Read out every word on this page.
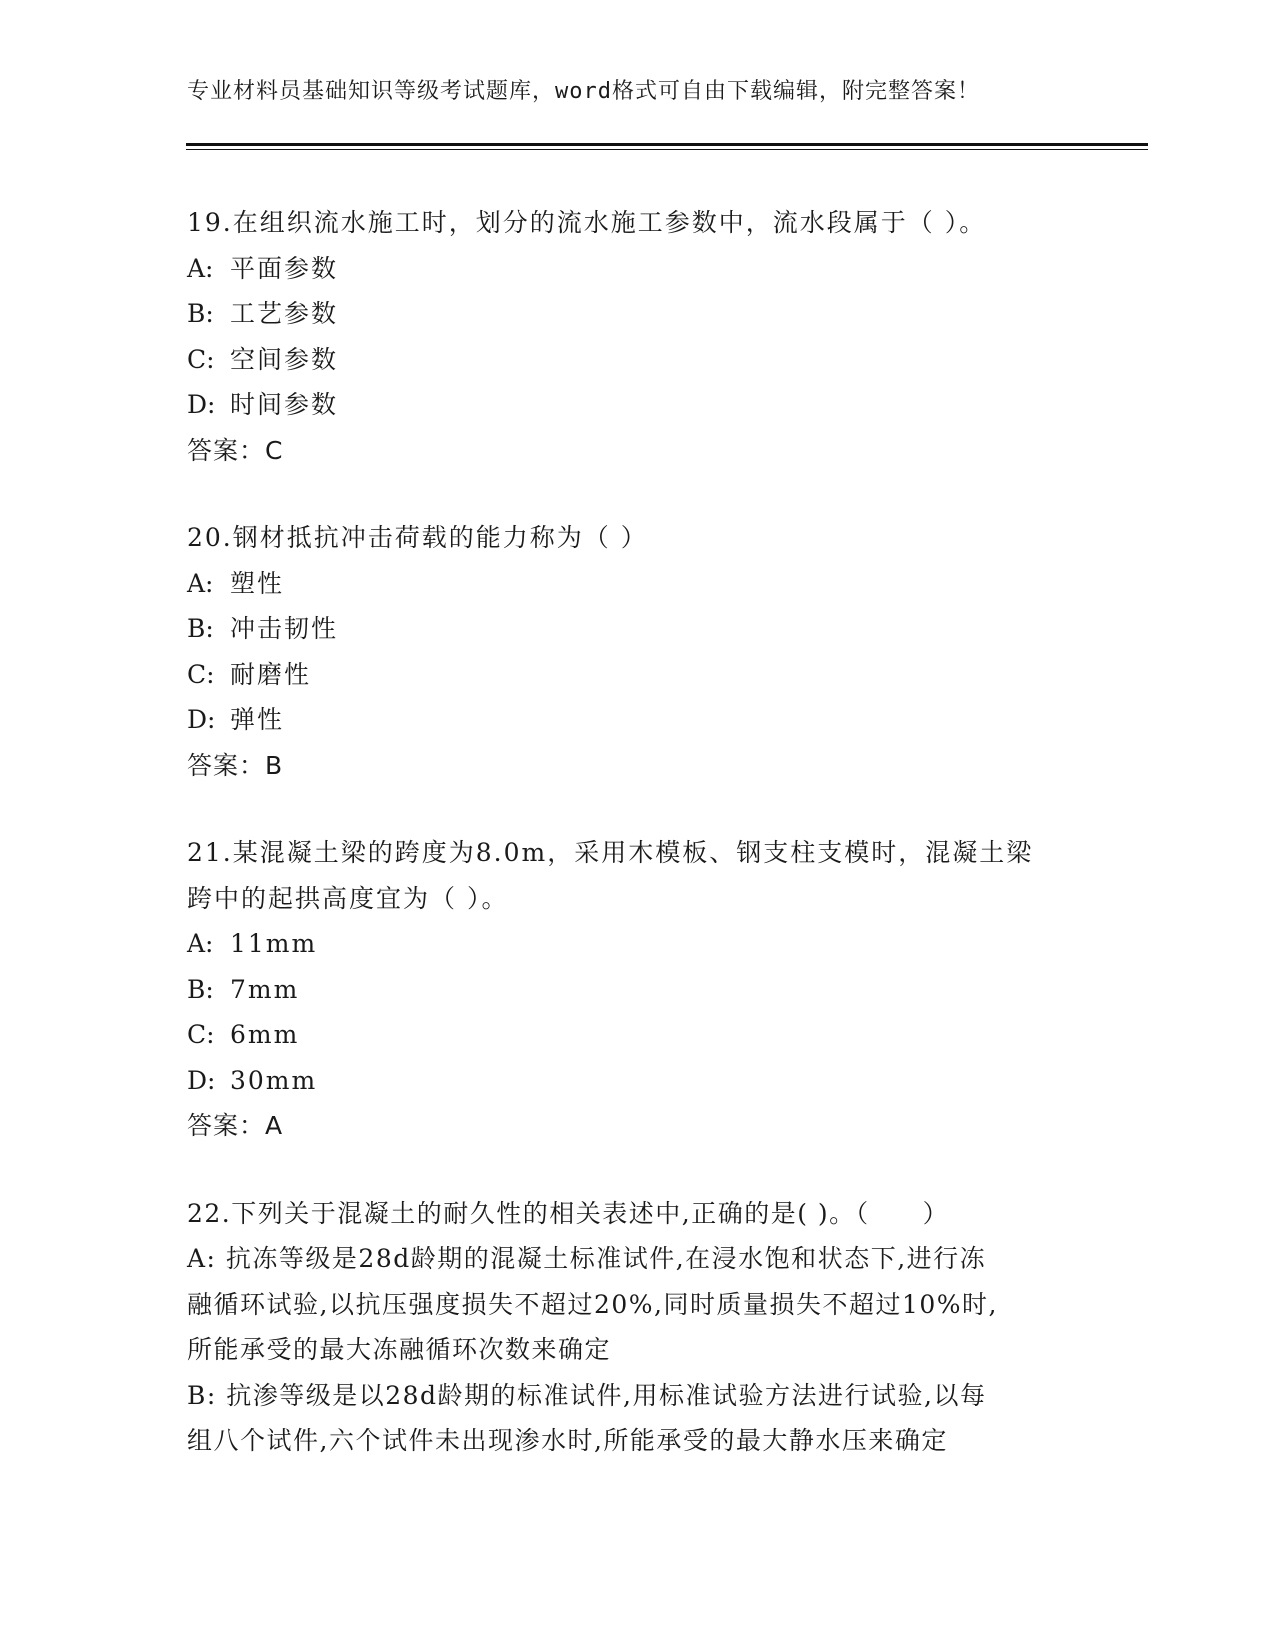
专业材料员基础知识等级考试题库，word格式可自由下载编辑，附完整答案！
19.在组织流水施工时，划分的流水施工参数中，流水段属于（ ）。
A: 平面参数
B: 工艺参数
C: 空间参数
D: 时间参数
答案：C
20.钢材抵抗冲击荷载的能力称为（ ）
A: 塑性
B: 冲击韧性
C: 耐磨性
D: 弹性
答案：B
21.某混凝土梁的跨度为8.0m，采用木模板、钢支柱支模时，混凝土梁
跨中的起拱高度宜为（ ）。
A: 11mm
B: 7mm
C: 6mm
D: 30mm
答案：A
22.下列关于混凝土的耐久性的相关表述中,正确的是( )。（　　）
A: 抗冻等级是28d龄期的混凝土标准试件,在浸水饱和状态下,进行冻
融循环试验,以抗压强度损失不超过20%,同时质量损失不超过10%时,
所能承受的最大冻融循环次数来确定
B: 抗渗等级是以28d龄期的标准试件,用标准试验方法进行试验,以每
组八个试件,六个试件未出现渗水时,所能承受的最大静水压来确定
